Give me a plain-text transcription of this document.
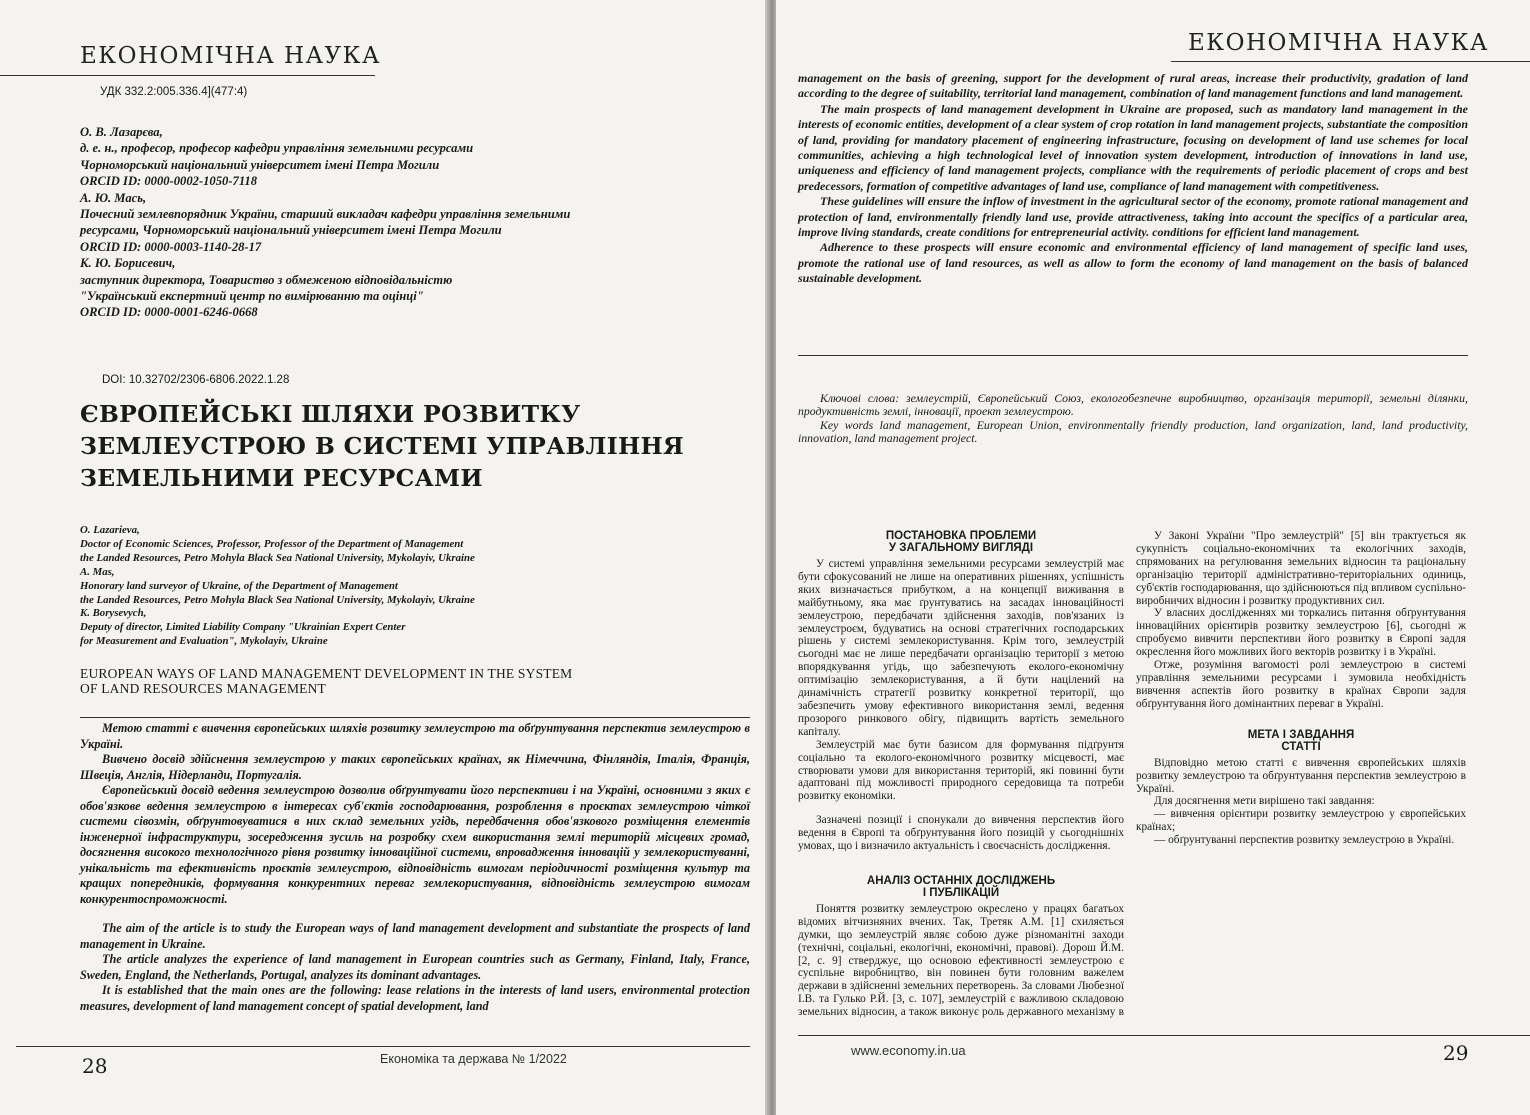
ЕКОНОМІЧНА НАУКА
УДК 332.2:005.336.4](477:4)
О. В. Лазарєва,
д. е. н., професор, професор кафедри управління земельними ресурсами
Чорноморський національний університет імені Петра Могили
ORCID ID: 0000-0002-1050-7118
А. Ю. Мась,
Почесний землевпорядник України, старший викладач кафедри управління земельними
ресурсами, Чорноморський національний університет імені Петра Могили
ORCID ID: 0000-0003-1140-28-17
К. Ю. Борисевич,
заступник директора, Товариство з обмеженою відповідальністю
"Український експертний центр по вимірюванню та оцінці"
ORCID ID: 0000-0001-6246-0668
DOI: 10.32702/2306-6806.2022.1.28
ЄВРОПЕЙСЬКІ ШЛЯХИ РОЗВИТКУ
ЗЕМЛЕУСТРОЮ В СИСТЕМІ УПРАВЛІННЯ
ЗЕМЕЛЬНИМИ РЕСУРСАМИ
O. Lazarieva,
Doctor of Economic Sciences, Professor, Professor of the Department of Management
the Landed Resources, Petro Mohyla Black Sea National University, Mykolayiv, Ukraine
A. Mas,
Honorary land surveyor of Ukraine, of the Department of Management
the Landed Resources, Petro Mohyla Black Sea National University, Mykolayiv, Ukraine
K. Borysevych,
Deputy of director, Limited Liability Company "Ukrainian Expert Center
for Measurement and Evaluation", Mykolayiv, Ukraine
EUROPEAN WAYS OF LAND MANAGEMENT DEVELOPMENT IN THE SYSTEM
OF LAND RESOURCES MANAGEMENT

Метою статті є вивчення європейських шляхів розвитку землеустрою та обґрунтування перспектив землеустрою в Україні.

Вивчено досвід здійснення землеустрою у таких європейських країнах, як Німеччина, Фінляндія, Італія, Франція, Швеція, Англія, Нідерланди, Португалія.

Європейський досвід ведення землеустрою дозволив обґрунтувати його перспективи і на Україні, основними з яких є обов'язкове ведення землеустрою в інтересах суб'єктів господарювання, розроблення в проєктах землеустрою чіткої системи сівозмін, обґрунтовуватися в них склад земельних угідь, передбачення обов'язкового розміщення елементів інженерної інфраструктури, зосередження зусиль на розробку схем використання землі територій місцевих громад, досягнення високого технологічного рівня розвитку інноваційної системи, впровадження інновацій у землекористуванні, унікальність та ефективність проєктів землеустрою, відповідність вимогам періодичності розміщення культур та кращих попередників, формування конкурентних переваг землекористування, відповідність землеустрою вимогам конкурентоспроможності.

The aim of the article is to study the European ways of land management development and substantiate the prospects of land management in Ukraine.

The article analyzes the experience of land management in European countries such as Germany, Finland, Italy, France, Sweden, England, the Netherlands, Portugal, analyzes its dominant advantages.

It is established that the main ones are the following: lease relations in the interests of land users, environmental protection measures, development of land management concept of spatial development, land

28	Економіка та держава № 1/2022
ЕКОНОМІЧНА НАУКА

management on the basis of greening, support for the development of rural areas, increase their productivity, gradation of land according to the degree of suitability, territorial land management, combination of land management functions and land management.

The main prospects of land management development in Ukraine are proposed, such as mandatory land management in the interests of economic entities, development of a clear system of crop rotation in land management projects, substantiate the composition of land, providing for mandatory placement of engineering infrastructure, focusing on development of land use schemes for local communities, achieving a high technological level of innovation system development, introduction of innovations in land use, uniqueness and efficiency of land management projects, compliance with the requirements of periodic placement of crops and best predecessors, formation of competitive advantages of land use, compliance of land management with competitiveness.

These guidelines will ensure the inflow of investment in the agricultural sector of the economy, promote rational management and protection of land, environmentally friendly land use, provide attractiveness, taking into account the specifics of a particular area, improve living standards, create conditions for entrepreneurial activity. conditions for efficient land management.

Adherence to these prospects will ensure economic and environmental efficiency of land management of specific land uses, promote the rational use of land resources, as well as allow to form the economy of land management on the basis of balanced sustainable development.

Ключові слова: землеустрій, Європейський Союз, екологобезпечне виробництво, організація території, земельні ділянки, продуктивність землі, інновації, проект землеустрою.

Key words land management, European Union, environmentally friendly production, land organization, land, land productivity, innovation, land management project.

ПОСТАНОВКА ПРОБЛЕМИ
У ЗАГАЛЬНОМУ ВИГЛЯДІ

У системі управління земельними ресурсами землеустрій має бути сфокусований не лише на оперативних рішеннях, успішність яких визначається прибутком, а на концепції виживання в майбутньому, яка має ґрунтуватись на засадах інноваційності землеустрою, передбачати здійснення заходів, пов'язаних із землеустроєм, будуватись на основі стратегічних господарських рішень у системі землекористування. Крім того, землеустрій сьогодні має не лише передбачати організацію території з метою впорядкування угідь, що забезпечують еколого-економічну оптимізацію землекористування, а й бути націлений на динамічність стратегії розвитку конкретної території, що забезпечить умову ефективного використання землі, ведення прозорого ринкового обігу, підвищить вартість земельного капіталу.

Землеустрій має бути базисом для формування підґрунтя соціально та еколого-економічного розвитку місцевості, має створювати умови для використання територій, які повинні бути адаптовані під можливості природного середовища та потреби розвитку економіки.

Зазначені позиції і спонукали до вивчення перспектив його ведення в Європі та обґрунтування його позицій у сьогоднішніх умовах, що і визначило актуальність і своєчасність дослідження.

АНАЛІЗ ОСТАННІХ ДОСЛІДЖЕНЬ
І ПУБЛІКАЦІЙ

Поняття розвитку землеустрою окреслено у працях багатьох відомих вітчизняних вчених. Так, Третяк А.М. [1] схиляється думки, що землеустрій являє собою дуже різноманітні заходи (технічні, соціальні, екологічні, економічні, правові). Дорош Й.М. [2, с. 9] стверджує, що основою ефективності землеустрою є суспільне виробництво, він повинен бути головним важелем держави в здійсненні земельних перетворень. За словами Любезної І.В. та Гулько Р.Й. [3, с. 107], землеустрій є важливою складовою земельних відносин, а також виконує роль державного механізму в

У Законі України "Про землеустрій" [5] він трактується як сукупність соціально-економічних та екологічних заходів, спрямованих на регулювання земельних відносин та раціональну організацію території адміністративно-територіальних одиниць, суб'єктів господарювання, що здійснюються під впливом суспільно-виробничих відносин і розвитку продуктивних сил.

У власних дослідженнях ми торкались питання обґрунтування інноваційних орієнтирів розвитку землеустрою [6], сьогодні ж спробуємо вивчити перспективи його розвитку в Європі задля окреслення його можливих його векторів розвитку і в Україні.

Отже, розуміння вагомості ролі землеустрою в системі управління земельними ресурсами і зумовила необхідність вивчення аспектів його розвитку в країнах Європи задля обґрунтування його домінантних переваг в Україні.

МЕТА І ЗАВДАННЯ
СТАТТІ

Відповідно метою статті є вивчення європейських шляхів розвитку землеустрою та обґрунтування перспектив землеустрою в Україні.

Для досягнення мети вирішено такі завдання:

— вивчення орієнтири розвитку землеустрою у європейських країнах;

— обґрунтуванні перспектив розвитку землеустрою в Україні.

www.economy.in.ua	29
